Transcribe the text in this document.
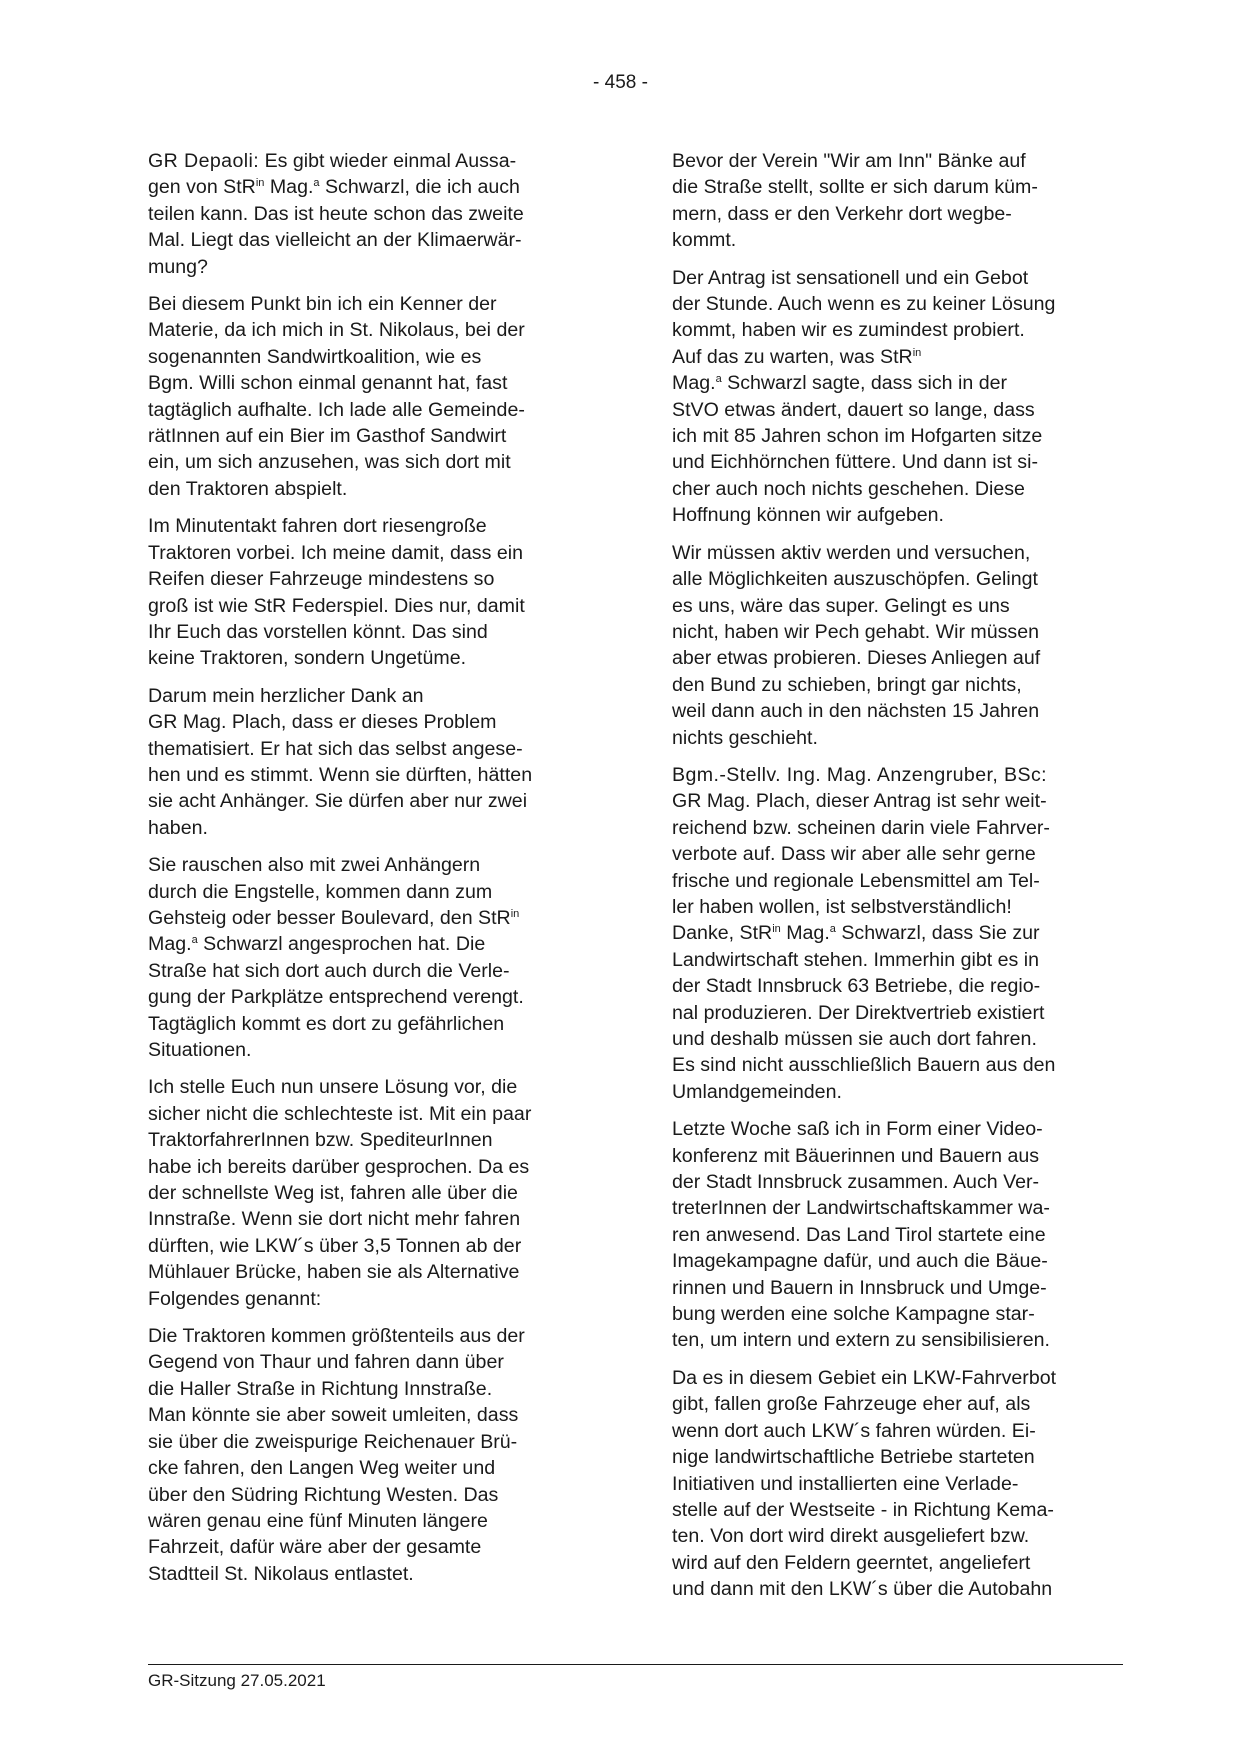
- 458 -

GR Depaoli: Es gibt wieder einmal Aussa-
gen von StR$^{in}$ Mag.$^a$ Schwarzl, die ich auch
teilen kann. Das ist heute schon das zweite
Mal. Liegt das vielleicht an der Klimaerwär-
mung?

Bei diesem Punkt bin ich ein Kenner der
Materie, da ich mich in St. Nikolaus, bei der
sogenannten Sandwirtkoalition, wie es
Bgm. Willi schon einmal genannt hat, fast
tagtäglich aufhalte. Ich lade alle Gemeinde-
rätInnen auf ein Bier im Gasthof Sandwirt
ein, um sich anzusehen, was sich dort mit
den Traktoren abspielt.

Im Minutentakt fahren dort riesengroße
Traktoren vorbei. Ich meine damit, dass ein
Reifen dieser Fahrzeuge mindestens so
groß ist wie StR Federspiel. Dies nur, damit
Ihr Euch das vorstellen könnt. Das sind
keine Traktoren, sondern Ungetüme.

Darum mein herzlicher Dank an
GR Mag. Plach, dass er dieses Problem
thematisiert. Er hat sich das selbst angese-
hen und es stimmt. Wenn sie dürften, hätten
sie acht Anhänger. Sie dürfen aber nur zwei
haben.

Sie rauschen also mit zwei Anhängern
durch die Engstelle, kommen dann zum
Gehsteig oder besser Boulevard, den StR$^{in}$
Mag.$^a$ Schwarzl angesprochen hat. Die
Straße hat sich dort auch durch die Verle-
gung der Parkplätze entsprechend verengt.
Tagtäglich kommt es dort zu gefährlichen
Situationen.

Ich stelle Euch nun unsere Lösung vor, die
sicher nicht die schlechteste ist. Mit ein paar
TraktorfahrerInnen bzw. SpediteurInnen
habe ich bereits darüber gesprochen. Da es
der schnellste Weg ist, fahren alle über die
Innstraße. Wenn sie dort nicht mehr fahren
dürften, wie LKW´s über 3,5 Tonnen ab der
Mühlauer Brücke, haben sie als Alternative
Folgendes genannt:

Die Traktoren kommen größtenteils aus der
Gegend von Thaur und fahren dann über
die Haller Straße in Richtung Innstraße.
Man könnte sie aber soweit umleiten, dass
sie über die zweispurige Reichenauer Brü-
cke fahren, den Langen Weg weiter und
über den Südring Richtung Westen. Das
wären genau eine fünf Minuten längere
Fahrzeit, dafür wäre aber der gesamte
Stadtteil St. Nikolaus entlastet.

Bevor der Verein "Wir am Inn" Bänke auf
die Straße stellt, sollte er sich darum küm-
mern, dass er den Verkehr dort wegbe-
kommt.

Der Antrag ist sensationell und ein Gebot
der Stunde. Auch wenn es zu keiner Lösung
kommt, haben wir es zumindest probiert.
Auf das zu warten, was StR$^{in}$
Mag.$^a$ Schwarzl sagte, dass sich in der
StVO etwas ändert, dauert so lange, dass
ich mit 85 Jahren schon im Hofgarten sitze
und Eichhörnchen füttere. Und dann ist si-
cher auch noch nichts geschehen. Diese
Hoffnung können wir aufgeben.

Wir müssen aktiv werden und versuchen,
alle Möglichkeiten auszuschöpfen. Gelingt
es uns, wäre das super. Gelingt es uns
nicht, haben wir Pech gehabt. Wir müssen
aber etwas probieren. Dieses Anliegen auf
den Bund zu schieben, bringt gar nichts,
weil dann auch in den nächsten 15 Jahren
nichts geschieht.

Bgm.-Stellv. Ing. Mag. Anzengruber, BSc:
GR Mag. Plach, dieser Antrag ist sehr weit-
reichend bzw. scheinen darin viele Fahrver-
verbote auf. Dass wir aber alle sehr gerne
frische und regionale Lebensmittel am Tel-
ler haben wollen, ist selbstverständlich!
Danke, StR$^{in}$ Mag.$^a$ Schwarzl, dass Sie zur
Landwirtschaft stehen. Immerhin gibt es in
der Stadt Innsbruck 63 Betriebe, die regio-
nal produzieren. Der Direktvertrieb existiert
und deshalb müssen sie auch dort fahren.
Es sind nicht ausschließlich Bauern aus den
Umlandgemeinden.

Letzte Woche saß ich in Form einer Video-
konferenz mit Bäuerinnen und Bauern aus
der Stadt Innsbruck zusammen. Auch Ver-
treterInnen der Landwirtschaftskammer wa-
ren anwesend. Das Land Tirol startete eine
Imagekampagne dafür, und auch die Bäue-
rinnen und Bauern in Innsbruck und Umge-
bung werden eine solche Kampagne star-
ten, um intern und extern zu sensibilisieren.

Da es in diesem Gebiet ein LKW-Fahrverbot
gibt, fallen große Fahrzeuge eher auf, als
wenn dort auch LKW´s fahren würden. Ei-
nige landwirtschaftliche Betriebe starteten
Initiativen und installierten eine Verlade-
stelle auf der Westseite - in Richtung Kema-
ten. Von dort wird direkt ausgeliefert bzw.
wird auf den Feldern geerntet, angeliefert
und dann mit den LKW´s über die Autobahn

GR-Sitzung 27.05.2021
